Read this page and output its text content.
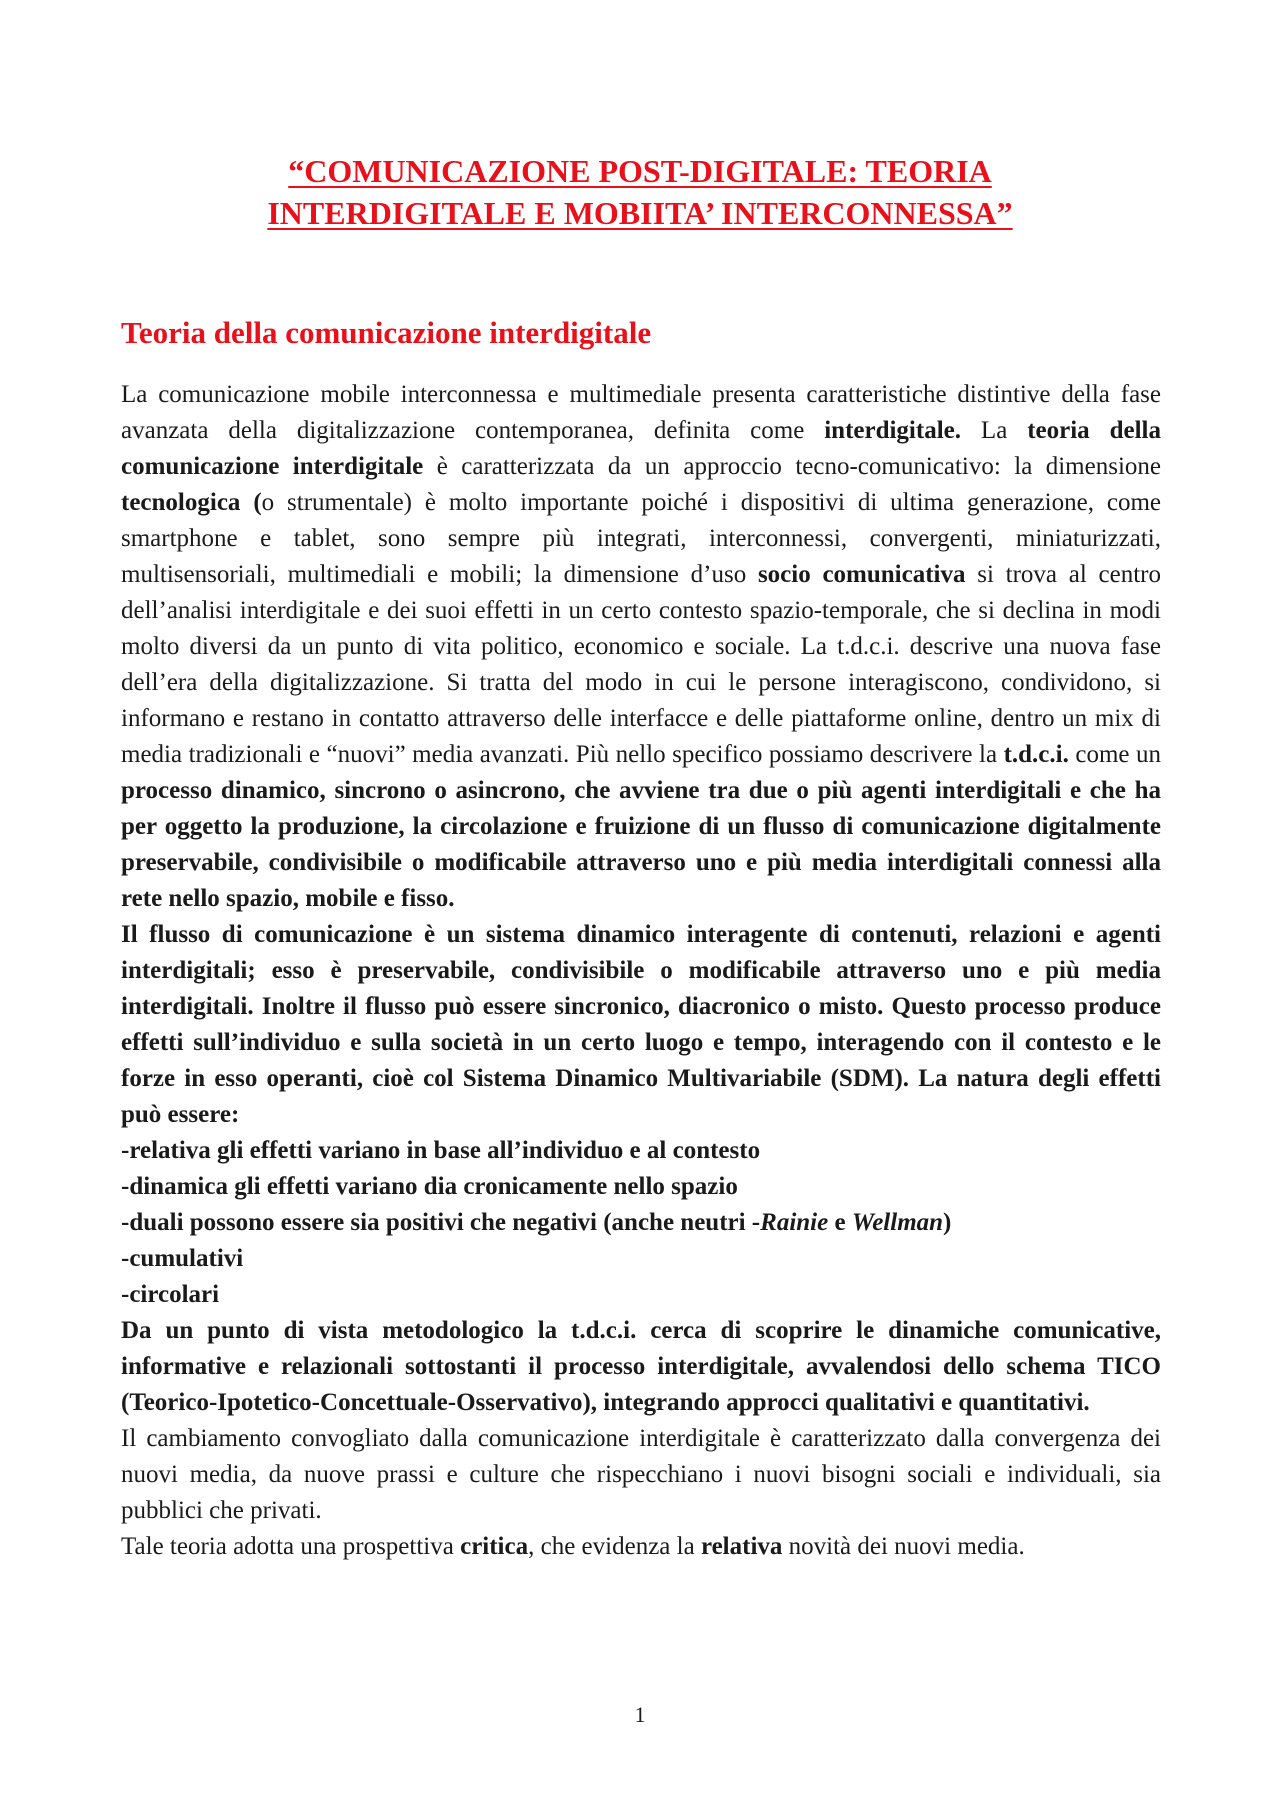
“COMUNICAZIONE POST-DIGITALE: TEORIA
INTERDIGITALE E MOBIITA’ INTERCONNESSA”
Teoria della comunicazione interdigitale

La comunicazione mobile interconnessa e multimediale presenta caratteristiche distintive della fase avanzata della digitalizzazione contemporanea, definita come interdigitale. La teoria della comunicazione interdigitale è caratterizzata da un approccio tecno-comunicativo: la dimensione tecnologica (o strumentale) è molto importante poiché i dispositivi di ultima generazione, come smartphone e tablet, sono sempre più integrati, interconnessi, convergenti, miniaturizzati, multisensoriali, multimediali e mobili; la dimensione d’uso socio comunicativa si trova al centro dell’analisi interdigitale e dei suoi effetti in un certo contesto spazio-temporale, che si declina in modi molto diversi da un punto di vita politico, economico e sociale. La t.d.c.i. descrive una nuova fase dell’era della digitalizzazione. Si tratta del modo in cui le persone interagiscono, condividono, si informano e restano in contatto attraverso delle interfacce e delle piattaforme online, dentro un mix di media tradizionali e “nuovi” media avanzati. Più nello specifico possiamo descrivere la t.d.c.i. come un processo dinamico, sincrono o asincrono, che avviene tra due o più agenti interdigitali e che ha per oggetto la produzione, la circolazione e fruizione di un flusso di comunicazione digitalmente preservabile, condivisibile o modificabile attraverso uno e più media interdigitali connessi alla rete nello spazio, mobile e fisso.

Il flusso di comunicazione è un sistema dinamico interagente di contenuti, relazioni e agenti interdigitali; esso è preservabile, condivisibile o modificabile attraverso uno e più media interdigitali. Inoltre il flusso può essere sincronico, diacronico o misto. Questo processo produce effetti sull’individuo e sulla società in un certo luogo e tempo, interagendo con il contesto e le forze in esso operanti, cioè col Sistema Dinamico Multivariabile (SDM). La natura degli effetti può essere:

-relativa gli effetti variano in base all’individuo e al contesto
-dinamica gli effetti variano dia cronicamente nello spazio
-duali possono essere sia positivi che negativi (anche neutri -Rainie e Wellman)
-cumulativi
-circolari

Da un punto di vista metodologico la t.d.c.i. cerca di scoprire le dinamiche comunicative, informative e relazionali sottostanti il processo interdigitale, avvalendosi dello schema TICO (Teorico-Ipotetico-Concettuale-Osservativo), integrando approcci qualitativi e quantitativi.

Il cambiamento convogliato dalla comunicazione interdigitale è caratterizzato dalla convergenza dei nuovi media, da nuove prassi e culture che rispecchiano i nuovi bisogni sociali e individuali, sia pubblici che privati.

Tale teoria adotta una prospettiva critica, che evidenza la relativa novità dei nuovi media.

1
